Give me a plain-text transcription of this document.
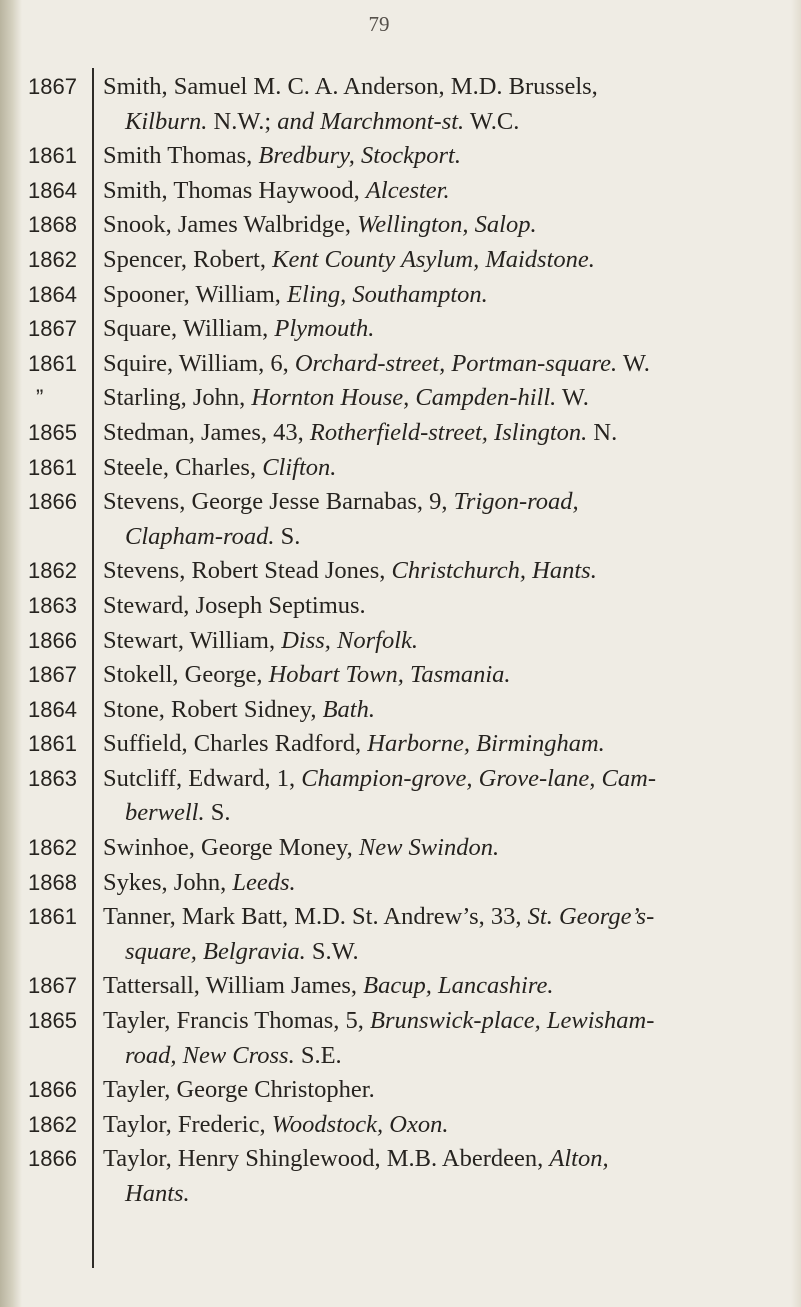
79
1867
1861
1864
1868
1862
1864
1867
1861
”
1865
1861
1866
1862
1863
1866
1867
1864
1861
1863
1862
1868
1861
1867
1865
1866
1862
1866
Smith, Samuel M. C. A. Anderson, M.D. Brussels,
Kilburn. N.W.; and Marchmont-st. W.C.
Smith Thomas, Bredbury, Stockport.
Smith, Thomas Haywood, Alcester.
Snook, James Walbridge, Wellington, Salop.
Spencer, Robert, Kent County Asylum, Maidstone.
Spooner, William, Eling, Southampton.
Square, William, Plymouth.
Squire, William, 6, Orchard-street, Portman-square. W.
Starling, John, Hornton House, Campden-hill. W.
Stedman, James, 43, Rotherfield-street, Islington. N.
Steele, Charles, Clifton.
Stevens, George Jesse Barnabas, 9, Trigon-road,
Clapham-road. S.
Stevens, Robert Stead Jones, Christchurch, Hants.
Steward, Joseph Septimus.
Stewart, William, Diss, Norfolk.
Stokell, George, Hobart Town, Tasmania.
Stone, Robert Sidney, Bath.
Suffield, Charles Radford, Harborne, Birmingham.
Sutcliff, Edward, 1, Champion-grove, Grove-lane, Cam-
berwell. S.
Swinhoe, George Money, New Swindon.
Sykes, John, Leeds.
Tanner, Mark Batt, M.D. St. Andrew’s, 33, St. George’s-
square, Belgravia. S.W.
Tattersall, William James, Bacup, Lancashire.
Tayler, Francis Thomas, 5, Brunswick-place, Lewisham-
road, New Cross. S.E.
Tayler, George Christopher.
Taylor, Frederic, Woodstock, Oxon.
Taylor, Henry Shinglewood, M.B. Aberdeen, Alton,
Hants.
